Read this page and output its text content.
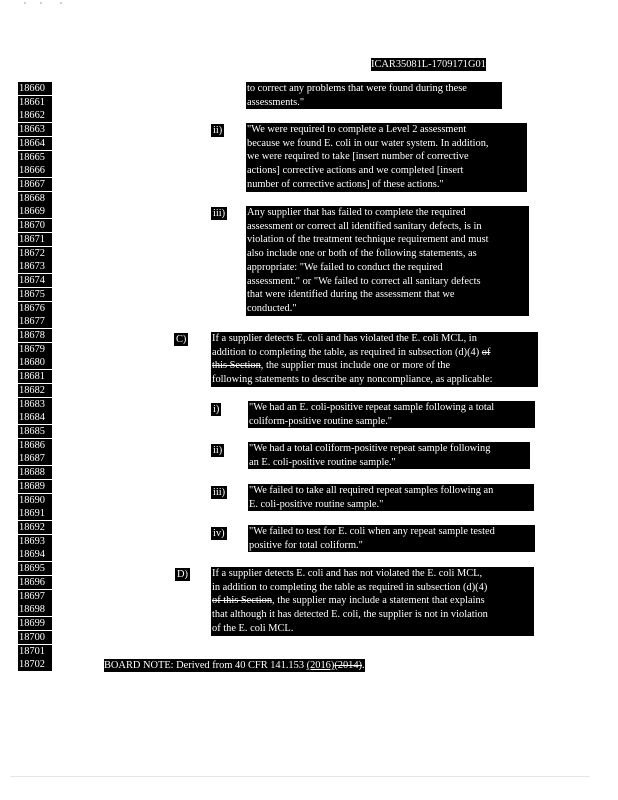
ICAR35081L-1709171G01
18660
18661
18662
18663
18664
18665
18666
18667
18668
18669
18670
18671
18672
18673
18674
18675
18676
18677
18678
18679
18680
18681
18682
18683
18684
18685
18686
18687
18688
18689
18690
18691
18692
18693
18694
18695
18696
18697
18698
18699
18700
18701
18702
to correct any problems that were found during these
assessments."
ii) "We were required to complete a Level 2 assessment
because we found E. coli in our water system. In addition,
we were required to take [insert number of corrective
actions] corrective actions and we completed [insert
number of corrective actions] of these actions."
iii) Any supplier that has failed to complete the required
assessment or correct all identified sanitary defects, is in
violation of the treatment technique requirement and must
also include one or both of the following statements, as
appropriate: "We failed to conduct the required
assessment." or "We failed to correct all sanitary defects
that were identified during the assessment that we
conducted."
C) If a supplier detects E. coli and has violated the E. coli MCL, in
addition to completing the table, as required in subsection (d)(4) of
this Section, the supplier must include one or more of the
following statements to describe any noncompliance, as applicable:
i)	"We had an E. coli-positive repeat sample following a total
coliform-positive routine sample."
ii)	"We had a total coliform-positive repeat sample following
an E. coli-positive routine sample."
iii) "We failed to take all required repeat samples following an
E. coli-positive routine sample."
iv) "We failed to test for E. coli when any repeat sample tested
positive for total coliform."
D) If a supplier detects E. coli and has not violated the E. coli MCL,
in addition to completing the table as required in subsection (d)(4)
of this Section, the supplier may include a statement that explains
that although it has detected E. coli, the supplier is not in violation
of the E. coli MCL.
BOARD NOTE: Derived from 40 CFR 141.153 (2016)(2014).
